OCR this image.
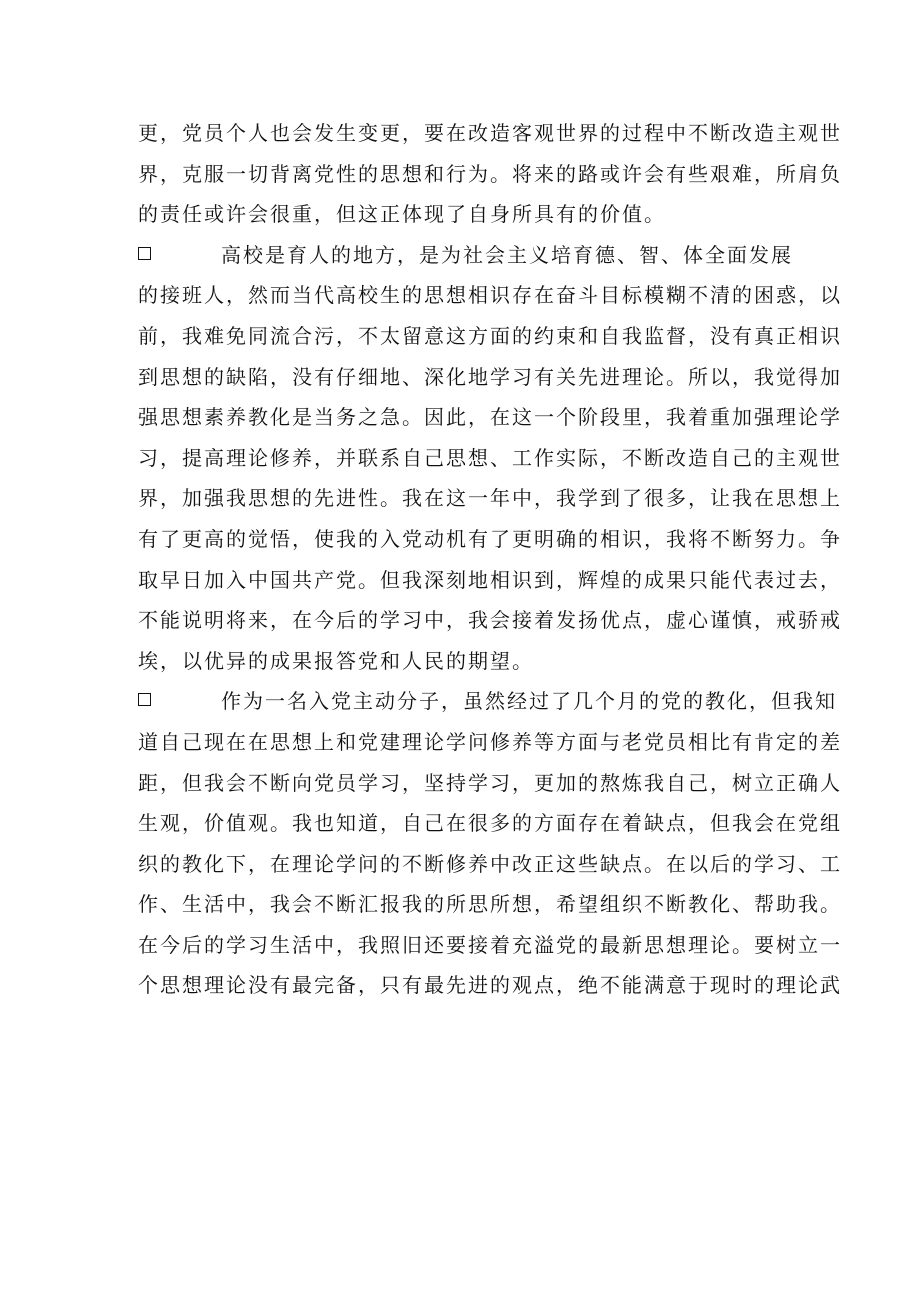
更，党员个人也会发生变更，要在改造客观世界的过程中不断改造主观世
界，克服一切背离党性的思想和行为。将来的路或许会有些艰难，所肩负
的责任或许会很重，但这正体现了自身所具有的价值。
高校是育人的地方，是为社会主义培育德、智、体全面发展
的接班人，然而当代高校生的思想相识存在奋斗目标模糊不清的困惑，以
前，我难免同流合污，不太留意这方面的约束和自我监督，没有真正相识
到思想的缺陷，没有仔细地、深化地学习有关先进理论。所以，我觉得加
强思想素养教化是当务之急。因此，在这一个阶段里，我着重加强理论学
习，提高理论修养，并联系自己思想、工作实际，不断改造自己的主观世
界，加强我思想的先进性。我在这一年中，我学到了很多，让我在思想上
有了更高的觉悟，使我的入党动机有了更明确的相识，我将不断努力。争
取早日加入中国共产党。但我深刻地相识到，辉煌的成果只能代表过去，
不能说明将来，在今后的学习中，我会接着发扬优点，虚心谨慎，戒骄戒
埃，以优异的成果报答党和人民的期望。
作为一名入党主动分子，虽然经过了几个月的党的教化，但我知
道自己现在在思想上和党建理论学问修养等方面与老党员相比有肯定的差
距，但我会不断向党员学习，坚持学习，更加的熬炼我自己，树立正确人
生观，价值观。我也知道，自己在很多的方面存在着缺点，但我会在党组
织的教化下，在理论学问的不断修养中改正这些缺点。在以后的学习、工
作、生活中，我会不断汇报我的所思所想，希望组织不断教化、帮助我。
在今后的学习生活中，我照旧还要接着充溢党的最新思想理论。要树立一
个思想理论没有最完备，只有最先进的观点，绝不能满意于现时的理论武
